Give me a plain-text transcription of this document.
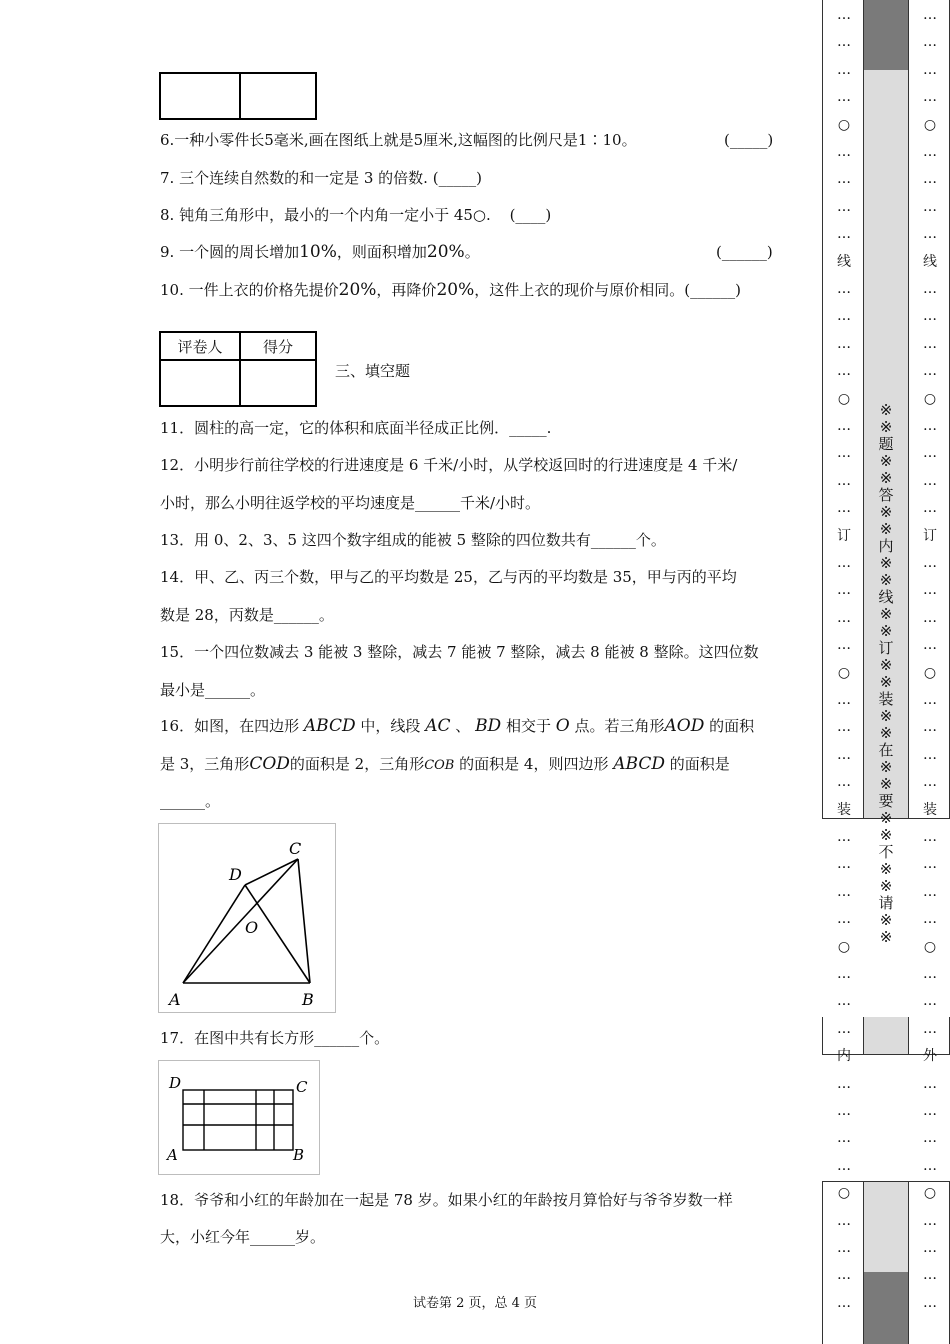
6.一种小零件长5毫米,画在图纸上就是5厘米,这幅图的比例尺是1∶10。	(_____)
7. 三个连续自然数的和一定是 3 的倍数. (_____)
8. 钝角三角形中，最小的一个内角一定小于 45○. (____)
9. 一个圆的周长增加10%，则面积增加20%。	(______)
10. 一件上衣的价格先提价20%，再降价20%，这件上衣的现价与原价相同。(______)
评卷人	得分
三、填空题
11．圆柱的高一定，它的体积和底面半径成正比例．_____.
12．小明步行前往学校的行进速度是 6 千米/小时，从学校返回时的行进速度是 4 千米/
小时，那么小明往返学校的平均速度是______千米/小时。
13．用 0、2、3、5 这四个数字组成的能被 5 整除的四位数共有______个。
14．甲、乙、丙三个数，甲与乙的平均数是 25，乙与丙的平均数是 35，甲与丙的平均
数是 28，丙数是______。
15．一个四位数减去 3 能被 3 整除，减去 7 能被 7 整除，减去 8 能被 8 整除。这四位数
最小是______。
16．如图，在四边形 ABCD 中，线段 AC 、 BD 相交于 O 点。若三角形AOD 的面积
是 3，三角形COD的面积是 2，三角形COB 的面积是 4，则四边形 ABCD 的面积是
______。
A	B
C
D
O
17．在图中共有长方形______个。
D	C
A	B
18．爷爷和小红的年龄加在一起是 78 岁。如果小红的年龄按月算恰好与爷爷岁数一样
大，小红今年______岁。
试卷第 2 页，总 4 页
…
…
…
…
○
…
…
…
…
线
…
…
…
…
○
…
…
…
…
订
…
…
…
…
○
…
…
…
…
装
…
…
…
…
○
…
…
…
内
…
…
…
…
○
…
…
…
…
…
…
…
…
○
…
…
…
…
线
…
…
…
…
○
…
…
…
…
订
…
…
…
…
○
…
…
…
…
装
…
…
…
…
○
…
…
…
外
…
…
…
…
○
…
…
…
…
※
※
题
※
※
答
※
※
内
※
※
线
※
※
订
※
※
装
※
※
在
※
※
要
※
※
不
※
※
请
※
※
